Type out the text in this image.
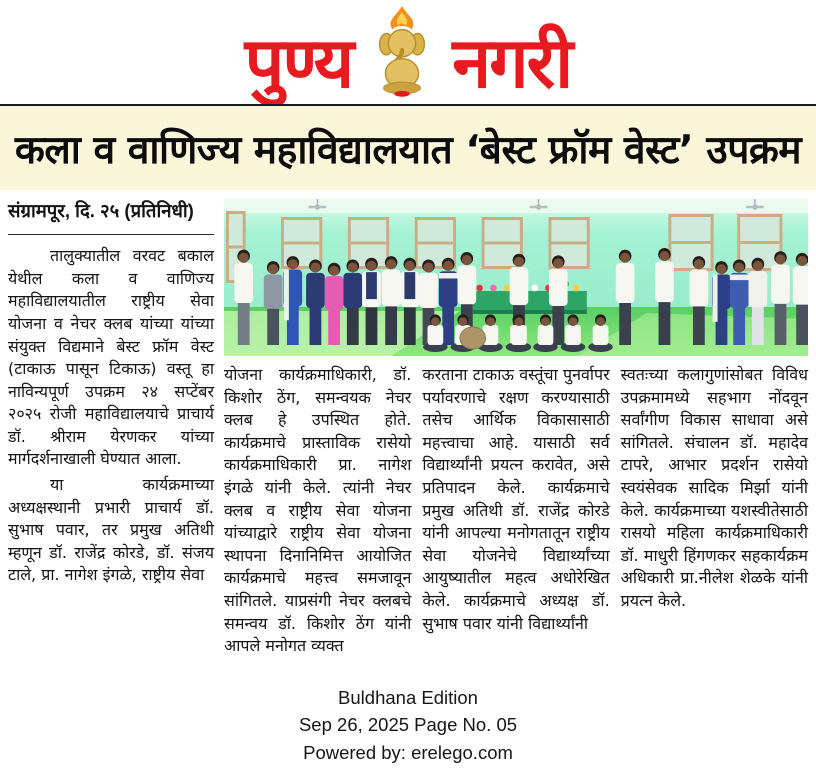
पुण्य नगरी
कला व वाणिज्य महाविद्यालयात ‘बेस्ट फ्रॉम वेस्ट’ उपक्रम
संग्रामपूर, दि. २५ (प्रतिनिधी)

तालुक्यातील वरवट बकाल येथील कला व वाणिज्य महाविद्यालयातील राष्ट्रीय सेवा योजना व नेचर क्लब यांच्या यांच्या संयुक्त विद्यमाने बेस्ट फ्रॉम वेस्ट (टाकाऊ पासून टिकाऊ) वस्तू हा नाविन्यपूर्ण उपक्रम २४ सप्टेंबर २०२५ रोजी महाविद्यालयाचे प्राचार्य डॉ. श्रीराम येरणकर यांच्या मार्गदर्शनाखाली घेण्यात आला.

या कार्यक्रमाच्या अध्यक्षस्थानी प्रभारी प्राचार्य डॉ. सुभाष पवार, तर प्रमुख अतिथी म्हणून डॉ. राजेंद्र कोरडे, डॉ. संजय टाले, प्रा. नागेश इंगळे, राष्ट्रीय सेवा

योजना कार्यक्रमाधिकारी, डॉ. किशोर ठेंग, समन्वयक नेचर क्लब हे उपस्थित होते. कार्यक्रमाचे प्रास्ताविक रासेयो कार्यक्रमाधिकारी प्रा. नागेश इंगळे यांनी केले. त्यांनी नेचर क्लब व राष्ट्रीय सेवा योजना यांच्याद्वारे राष्ट्रीय सेवा योजना स्थापना दिनानिमित्त आयोजित कार्यक्रमाचे महत्त्व समजावून सांगितले. याप्रसंगी नेचर क्लबचे समन्वय डॉ. किशोर ठेंग यांनी आपले मनोगत व्यक्त

करताना टाकाऊ वस्तूंचा पुनर्वापर पर्यावरणाचे रक्षण करण्यासाठी तसेच आर्थिक विकासासाठी महत्त्वाचा आहे. यासाठी सर्व विद्यार्थ्यांनी प्रयत्न करावेत, असे प्रतिपादन केले. कार्यक्रमाचे प्रमुख अतिथी डॉ. राजेंद्र कोरडे यांनी आपल्या मनोगतातून राष्ट्रीय सेवा योजनेचे विद्यार्थ्यांच्या आयुष्यातील महत्व अधोरेखित केले. कार्यक्रमाचे अध्यक्ष डॉ. सुभाष पवार यांनी विद्यार्थ्यांनी

स्वतःच्या कलागुणांसोबत विविध उपक्रमामध्ये सहभाग नोंदवून सर्वांगीण विकास साधावा असे सांगितले. संचालन डॉ. महादेव टापरे, आभार प्रदर्शन रासेयो स्वयंसेवक सादिक मिर्झा यांनी केले. कार्यक्रमाच्या यशस्वीतेसाठी रासयो महिला कार्यक्रमाधिकारी डॉ. माधुरी हिंगणकर सहकार्यक्रम अधिकारी प्रा.नीलेश शेळके यांनी प्रयत्न केले.

Buldhana Edition
Sep 26, 2025 Page No. 05
Powered by: erelego.com
